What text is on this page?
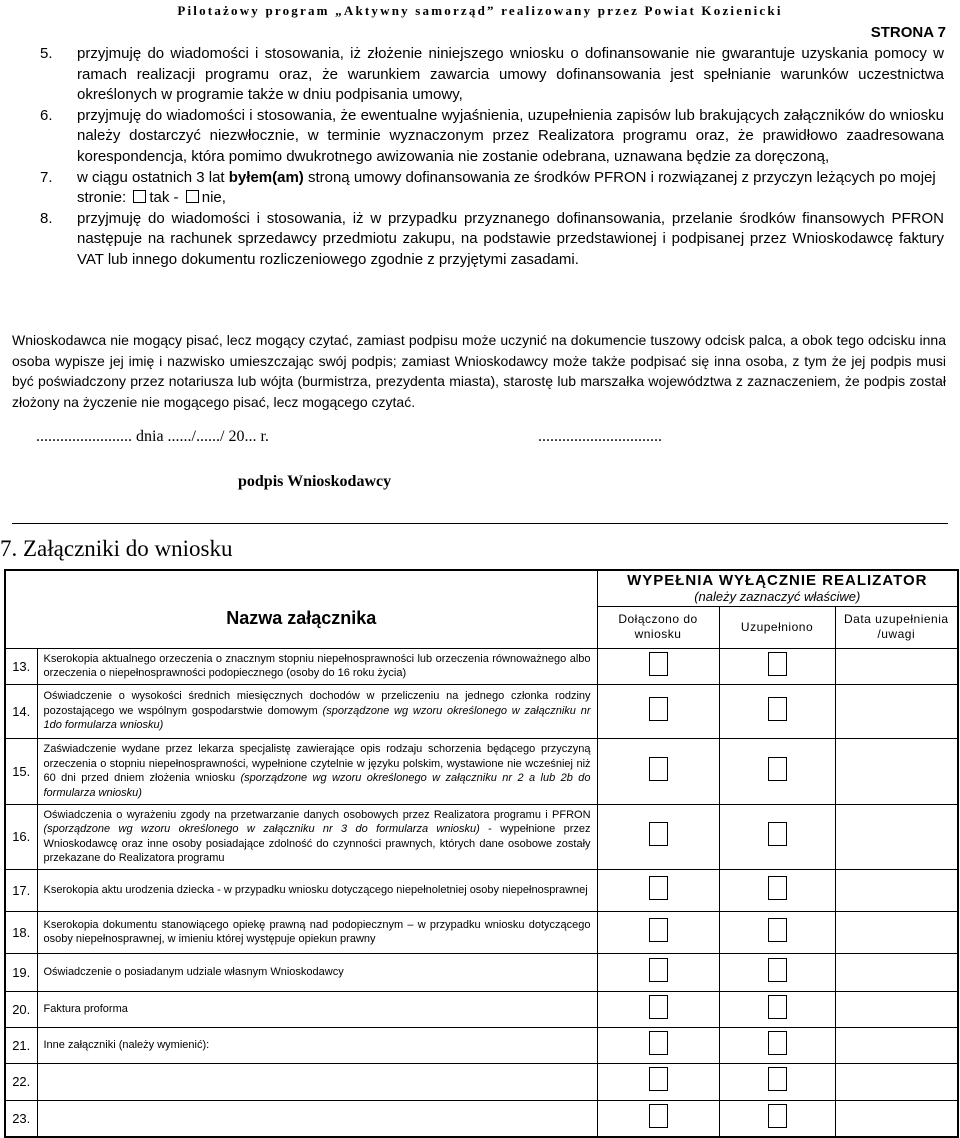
Pilotażowy program „Aktywny samorząd” realizowany przez Powiat Kozienicki
STRONA 7
5. przyjmuję do wiadomości i stosowania, iż złożenie niniejszego wniosku o dofinansowanie nie gwarantuje uzyskania pomocy w ramach realizacji programu oraz, że warunkiem zawarcia umowy dofinansowania jest spełnianie warunków uczestnictwa określonych w programie także w dniu podpisania umowy,
6. przyjmuję do wiadomości i stosowania, że ewentualne wyjaśnienia, uzupełnienia zapisów lub brakujących załączników do wniosku należy dostarczyć niezwłocznie, w terminie wyznaczonym przez Realizatora programu oraz, że prawidłowo zaadresowana korespondencja, która pomimo dwukrotnego awizowania nie zostanie odebrana, uznawana będzie za doręczoną,
7. w ciągu ostatnich 3 lat byłem(am) stroną umowy dofinansowania ze środków PFRON i rozwiązanej z przyczyn leżących po mojej stronie: tak - nie,
8. przyjmuję do wiadomości i stosowania, iż w przypadku przyznanego dofinansowania, przelanie środków finansowych PFRON następuje na rachunek sprzedawcy przedmiotu zakupu, na podstawie przedstawionej i podpisanej przez Wnioskodawcę faktury VAT lub innego dokumentu rozliczeniowego zgodnie z przyjętymi zasadami.
Wnioskodawca nie mogący pisać, lecz mogący czytać, zamiast podpisu może uczynić na dokumencie tuszowy odcisk palca, a obok tego odcisku inna osoba wypisze jej imię i nazwisko umieszczając swój podpis; zamiast Wnioskodawcy może także podpisać się inna osoba, z tym że jej podpis musi być poświadczony przez notariusza lub wójta (burmistrza, prezydenta miasta), starostę lub marszałka województwa z zaznaczeniem, że podpis został złożony na życzenie nie mogącego pisać, lecz mogącego czytać.
........................ dnia ....../....../ 20... r.	...............................
podpis Wnioskodawcy
7. Załączniki do wniosku
Nazwa załącznika		WYPEŁNIA WYŁĄCZNIE REALIZATOR
(należy zaznaczyć właściwe)		

		Dołączono do wniosku	Uzupełniono	Data uzupełnienia /uwagi
13.	Kserokopia aktualnego orzeczenia o znacznym stopniu niepełnosprawności lub orzeczenia równoważnego albo orzeczenia o niepełnosprawności podopiecznego (osoby do 16 roku życia)			
14.	Oświadczenie o wysokości średnich miesięcznych dochodów w przeliczeniu na jednego członka rodziny pozostającego we wspólnym gospodarstwie domowym (sporządzone wg wzoru określonego w załączniku nr 1do formularza wniosku)			
15.	Zaświadczenie wydane przez lekarza specjalistę zawierające opis rodzaju schorzenia będącego przyczyną orzeczenia o stopniu niepełnosprawności, wypełnione czytelnie w języku polskim, wystawione nie wcześniej niż 60 dni przed dniem złożenia wniosku (sporządzone wg wzoru określonego w załączniku nr 2 a lub 2b do formularza wniosku)			
16.	Oświadczenia o wyrażeniu zgody na przetwarzanie danych osobowych przez Realizatora programu i PFRON (sporządzone wg wzoru określonego w załączniku nr 3 do formularza wniosku) - wypełnione przez Wnioskodawcę oraz inne osoby posiadające zdolność do czynności prawnych, których dane osobowe zostały przekazane do Realizatora programu			
17.	Kserokopia aktu urodzenia dziecka - w przypadku wniosku dotyczącego niepełnoletniej osoby niepełnosprawnej			
18.	Kserokopia dokumentu stanowiącego opiekę prawną nad podopiecznym – w przypadku wniosku dotyczącego osoby niepełnosprawnej, w imieniu której występuje opiekun prawny			
19.	Oświadczenie o posiadanym udziale własnym Wnioskodawcy			
20.	Faktura proforma			
21.	Inne załączniki (należy wymienić):			
22.				
23.				
